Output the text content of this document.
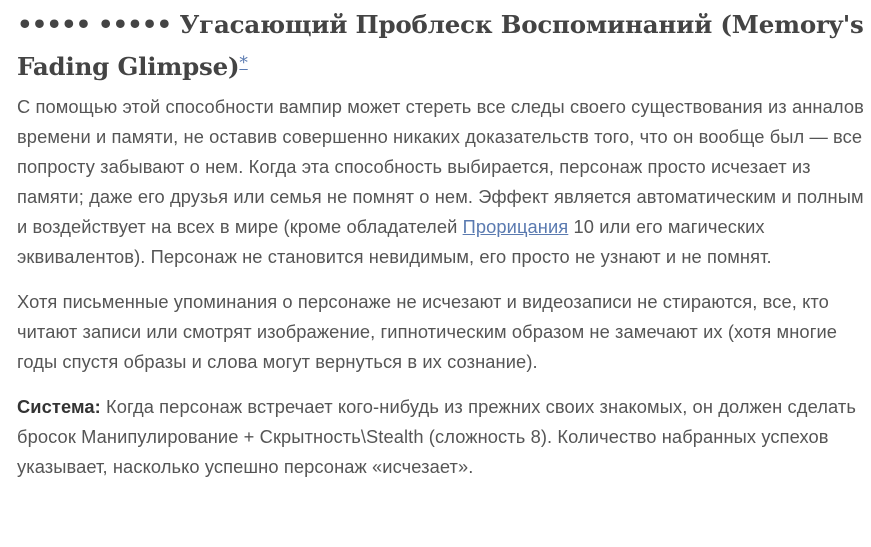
••••• ••••• Угасающий Проблеск Воспоминаний (Memory's Fading Glimpse)*

С помощью этой способности вампир может стереть все следы своего существования из анналов времени и памяти, не оставив совершенно никаких доказательств того, что он вообще был — все попросту забывают о нем. Когда эта способность выбирается, персонаж просто исчезает из памяти; даже его друзья или семья не помнят о нем. Эффект является автоматическим и полным и воздействует на всех в мире (кроме обладателей Прорицания 10 или его магических эквивалентов). Персонаж не становится невидимым, его просто не узнают и не помнят.

Хотя письменные упоминания о персонаже не исчезают и видеозаписи не стираются, все, кто читают записи или смотрят изображение, гипнотическим образом не замечают их (хотя многие годы спустя образы и слова могут вернуться в их сознание).

Система: Когда персонаж встречает кого-нибудь из прежних своих знакомых, он должен сделать бросок Манипулирование + Скрытность\Stealth (сложность 8). Количество набранных успехов указывает, насколько успешно персонаж «исчезает».
